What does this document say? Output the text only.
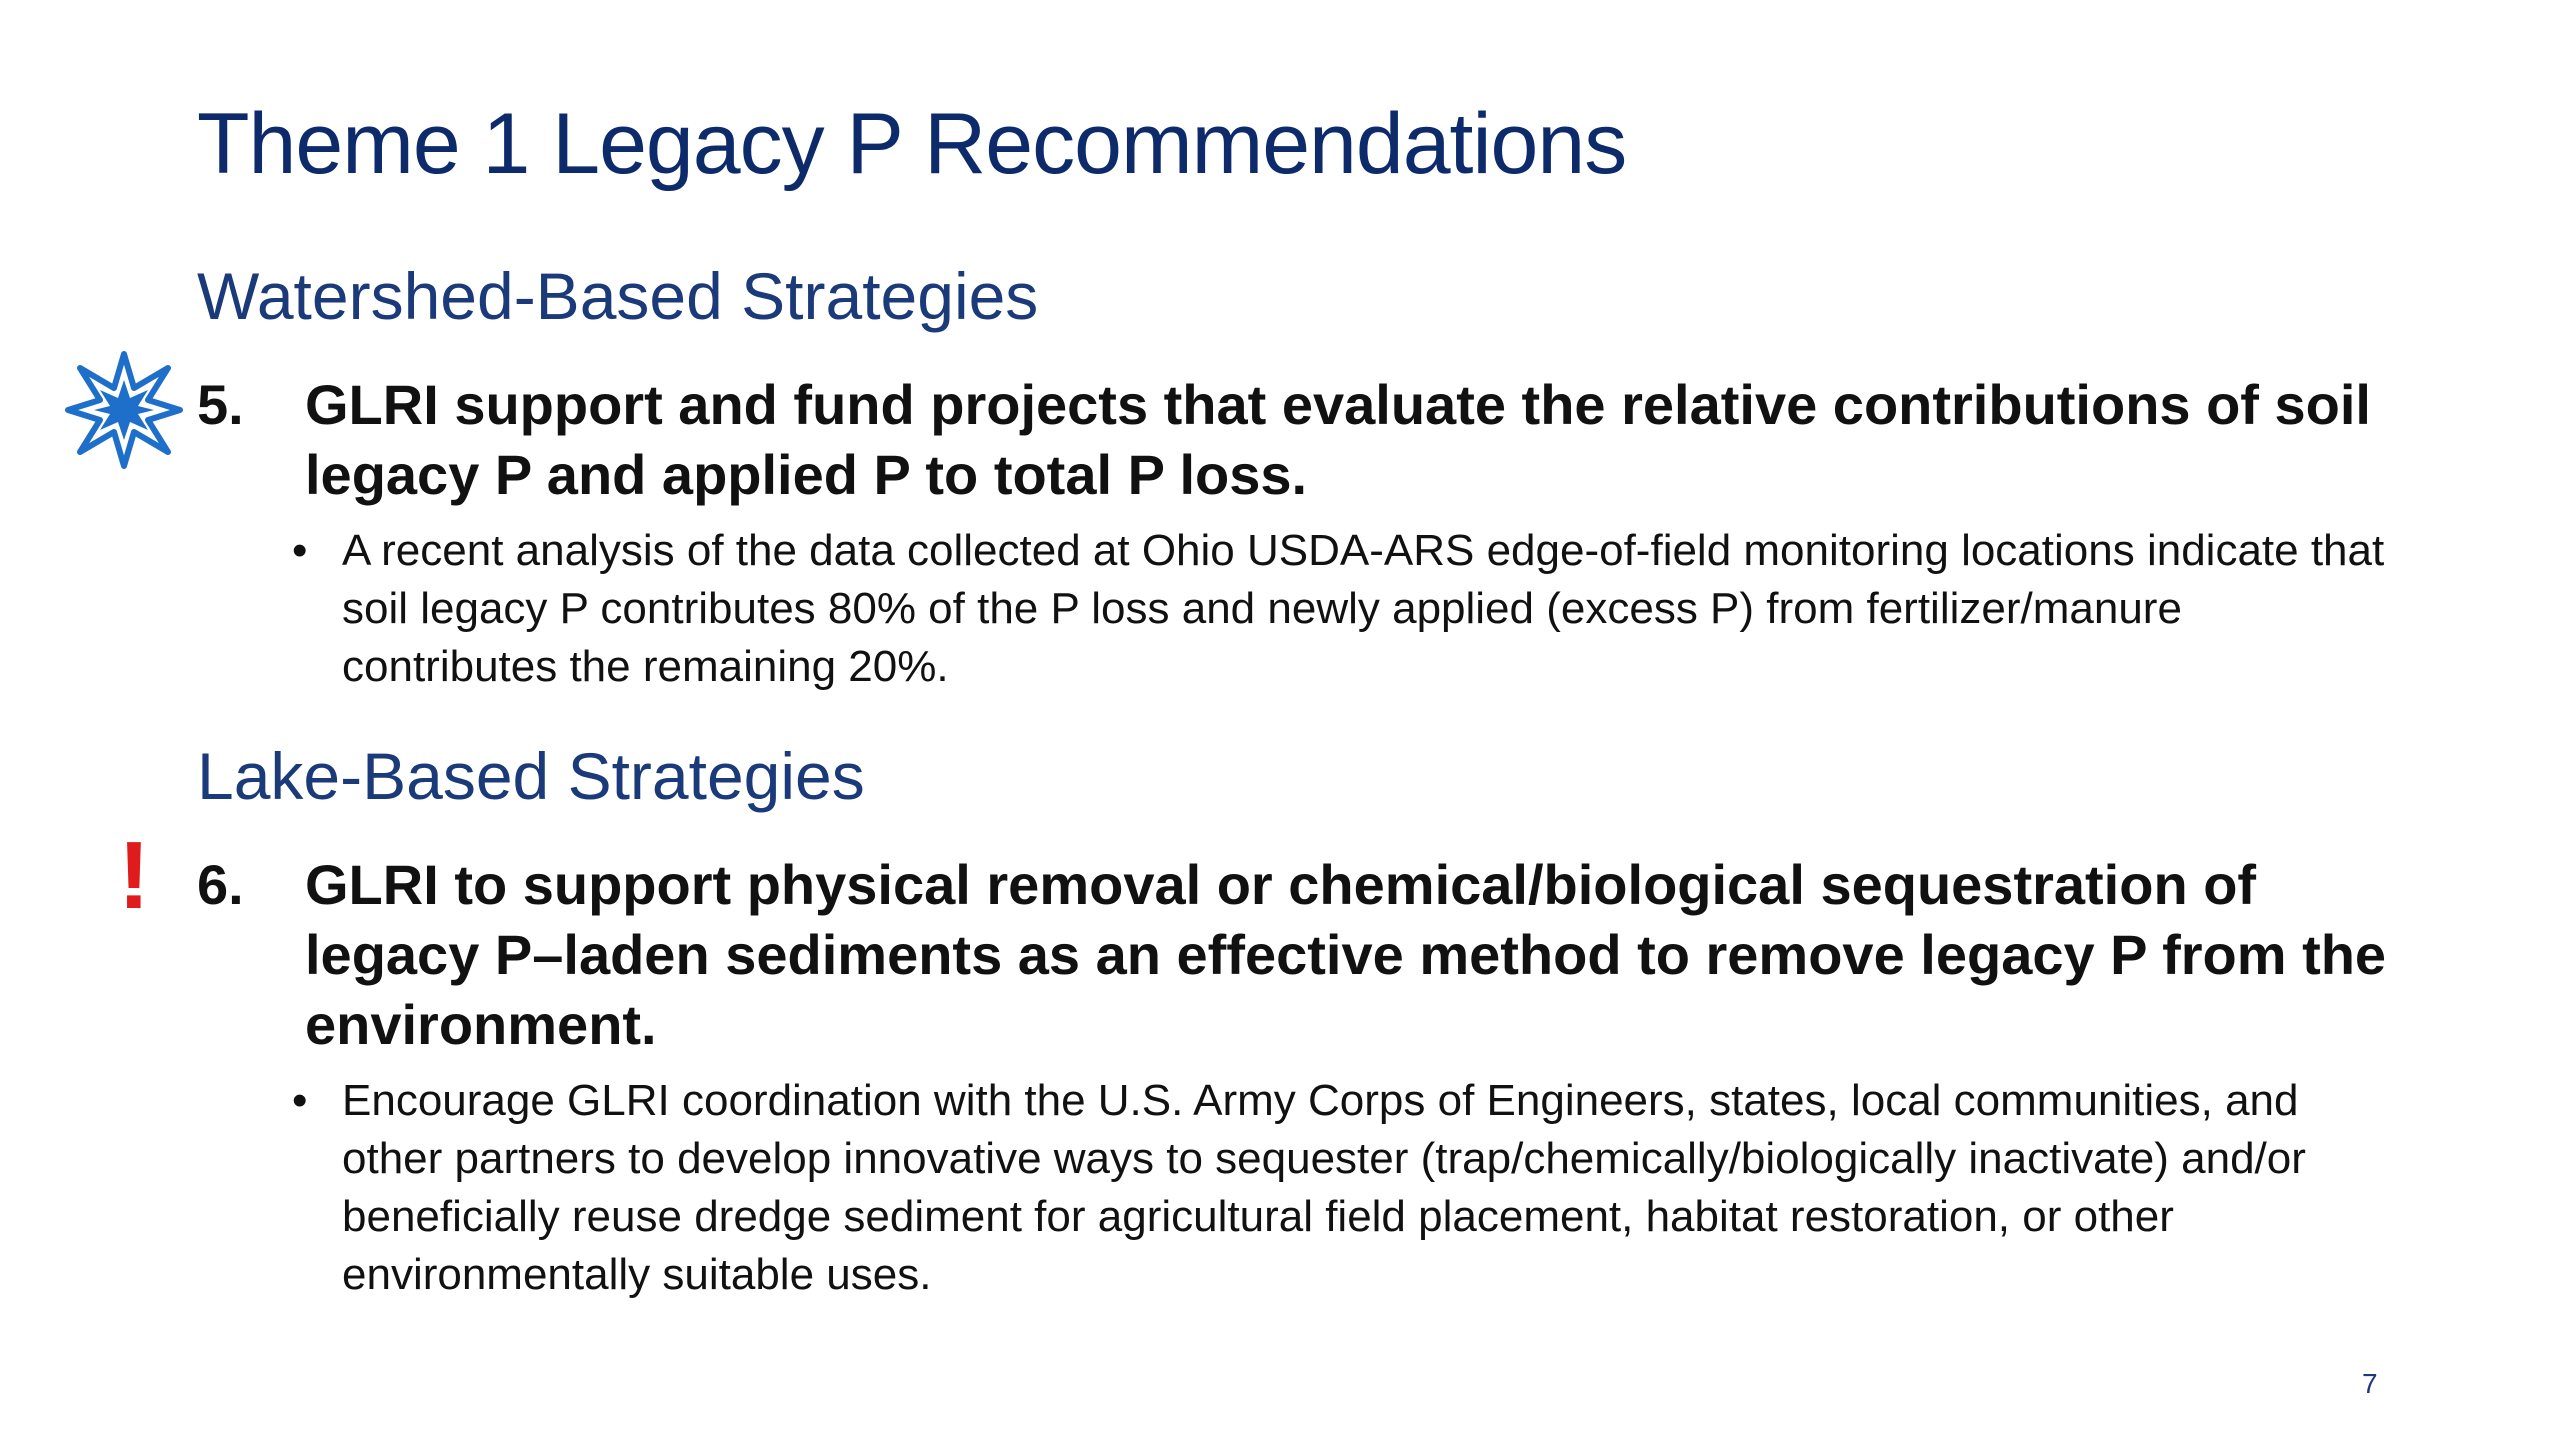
Theme 1 Legacy P Recommendations
Watershed-Based Strategies
5. GLRI support and fund projects that evaluate the relative contributions of soil legacy P and applied P to total P loss.
• A recent analysis of the data collected at Ohio USDA-ARS edge-of-field monitoring locations indicate that soil legacy P contributes 80% of the P loss and newly applied (excess P) from fertilizer/manure contributes the remaining 20%.
Lake-Based Strategies
! 6. GLRI to support physical removal or chemical/biological sequestration of legacy P–laden sediments as an effective method to remove legacy P from the environment.
• Encourage GLRI coordination with the U.S. Army Corps of Engineers, states, local communities, and other partners to develop innovative ways to sequester (trap/chemically/biologically inactivate) and/or beneficially reuse dredge sediment for agricultural field placement, habitat restoration, or other environmentally suitable uses.
7
